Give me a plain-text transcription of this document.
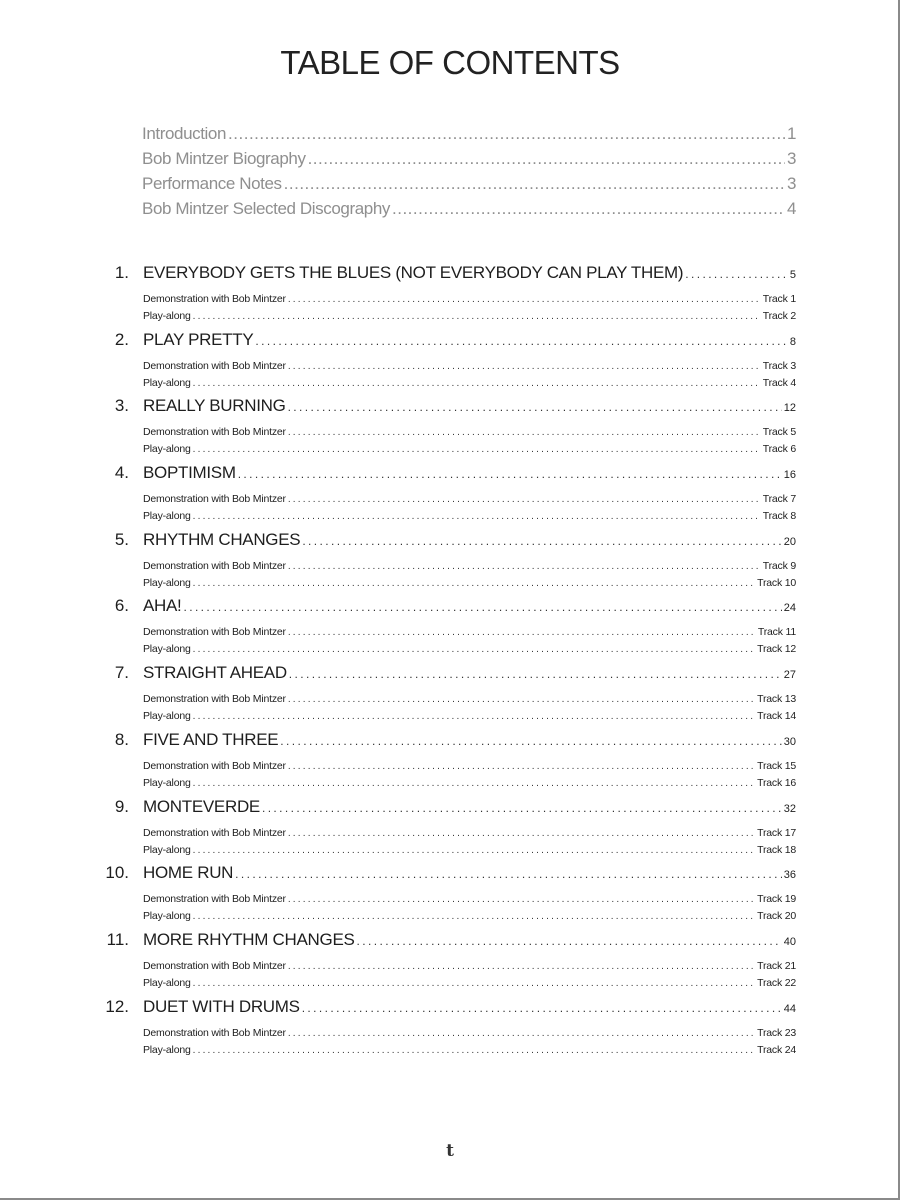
TABLE OF CONTENTS
Introduction .....	1
Bob Mintzer Biography .....	3
Performance Notes .....	3
Bob Mintzer Selected Discography .....	4
1. EVERYBODY GETS THE BLUES (NOT EVERYBODY CAN PLAY THEM) .....	5
Demonstration with Bob Mintzer .....	Track 1
Play-along .....	Track 2
2. PLAY PRETTY .....	8
Demonstration with Bob Mintzer .....	Track 3
Play-along .....	Track 4
3. REALLY BURNING .....	12
Demonstration with Bob Mintzer .....	Track 5
Play-along .....	Track 6
4. BOPTIMISM .....	16
Demonstration with Bob Mintzer .....	Track 7
Play-along .....	Track 8
5. RHYTHM CHANGES .....	20
Demonstration with Bob Mintzer .....	Track 9
Play-along .....	Track 10
6. AHA! .....	24
Demonstration with Bob Mintzer .....	Track 11
Play-along .....	Track 12
7. STRAIGHT AHEAD .....	27
Demonstration with Bob Mintzer .....	Track 13
Play-along .....	Track 14
8. FIVE AND THREE .....	30
Demonstration with Bob Mintzer .....	Track 15
Play-along .....	Track 16
9. MONTEVERDE .....	32
Demonstration with Bob Mintzer .....	Track 17
Play-along .....	Track 18
10. HOME RUN .....	36
Demonstration with Bob Mintzer .....	Track 19
Play-along .....	Track 20
11. MORE RHYTHM CHANGES .....	40
Demonstration with Bob Mintzer .....	Track 21
Play-along .....	Track 22
12. DUET WITH DRUMS .....	44
Demonstration with Bob Mintzer .....	Track 23
Play-along .....	Track 24
t
